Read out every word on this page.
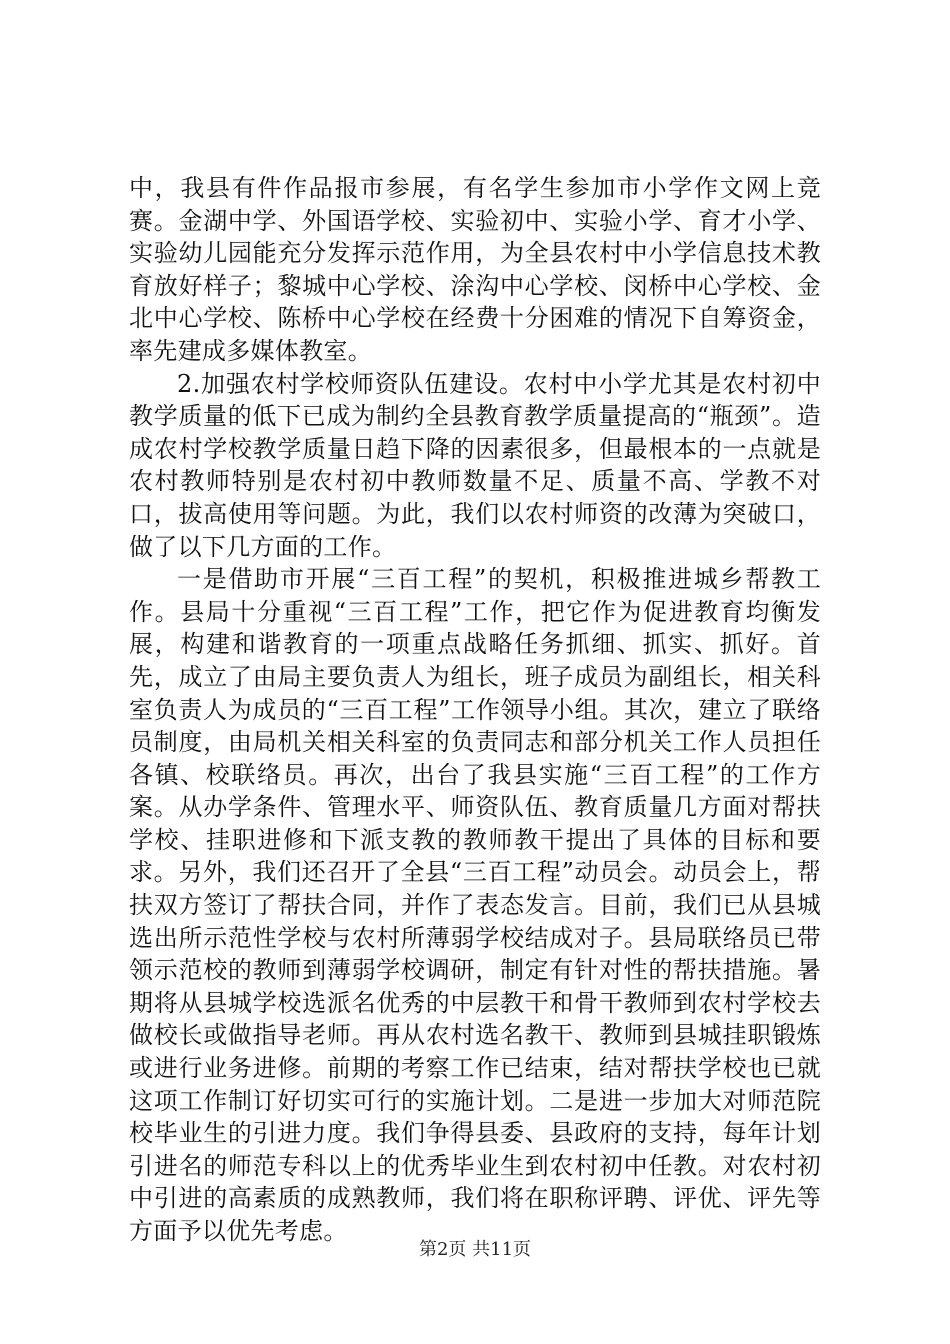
中，我县有件作品报市参展，有名学生参加市小学作文网上竞赛。金湖中学、外国语学校、实验初中、实验小学、育才小学、实验幼儿园能充分发挥示范作用，为全县农村中小学信息技术教育放好样子；黎城中心学校、涂沟中心学校、闵桥中心学校、金北中心学校、陈桥中心学校在经费十分困难的情况下自筹资金，率先建成多媒体教室。

2.加强农村学校师资队伍建设。农村中小学尤其是农村初中教学质量的低下已成为制约全县教育教学质量提高的“瓶颈”。造成农村学校教学质量日趋下降的因素很多，但最根本的一点就是农村教师特别是农村初中教师数量不足、质量不高、学教不对口，拔高使用等问题。为此，我们以农村师资的改薄为突破口，做了以下几方面的工作。

一是借助市开展“三百工程”的契机，积极推进城乡帮教工作。县局十分重视“三百工程”工作，把它作为促进教育均衡发展，构建和谐教育的一项重点战略任务抓细、抓实、抓好。首先，成立了由局主要负责人为组长，班子成员为副组长，相关科室负责人为成员的“三百工程”工作领导小组。其次，建立了联络员制度，由局机关相关科室的负责同志和部分机关工作人员担任各镇、校联络员。再次，出台了我县实施“三百工程”的工作方案。从办学条件、管理水平、师资队伍、教育质量几方面对帮扶学校、挂职进修和下派支教的教师教干提出了具体的目标和要求。另外，我们还召开了全县“三百工程”动员会。动员会上，帮扶双方签订了帮扶合同，并作了表态发言。目前，我们已从县城选出所示范性学校与农村所薄弱学校结成对子。县局联络员已带领示范校的教师到薄弱学校调研，制定有针对性的帮扶措施。暑期将从县城学校选派名优秀的中层教干和骨干教师到农村学校去做校长或做指导老师。再从农村选名教干、教师到县城挂职锻炼或进行业务进修。前期的考察工作已结束，结对帮扶学校也已就这项工作制订好切实可行的实施计划。二是进一步加大对师范院校毕业生的引进力度。我们争得县委、县政府的支持，每年计划引进名的师范专科以上的优秀毕业生到农村初中任教。对农村初中引进的高素质的成熟教师，我们将在职称评聘、评优、评先等方面予以优先考虑。

第2页 共11页
